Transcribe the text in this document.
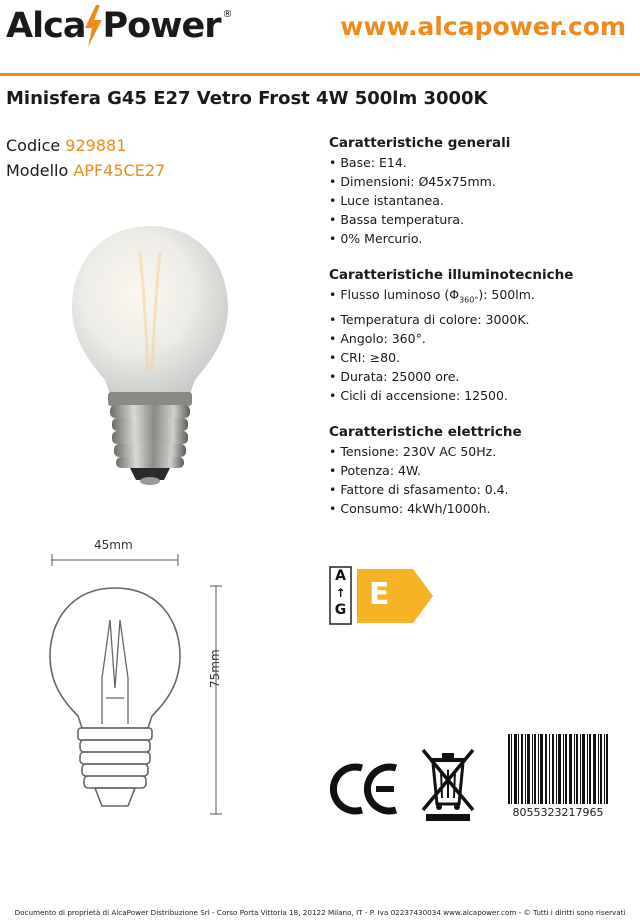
Alca Power ®	www.alcapower.com
Minisfera G45 E27 Vetro Frost 4W 500lm 3000K
Codice 929881
Modello APF45CE27

Caratteristiche generali

• Base: E14.
• Dimensioni: Ø45x75mm.
• Luce istantanea.
• Bassa temperatura.
• 0% Mercurio.

Caratteristiche illuminotecniche

• Flusso luminoso $(\Phi_{360^\circ})$: 500lm.
• Temperatura di colore: 3000K.
• Angolo: 360°.
• CRI: ≥80.
• Durata: 25000 ore.
• Cicli di accensione: 12500.

Caratteristiche elettriche

• Tensione: 230V AC 50Hz.
• Potenza: 4W.
• Fattore di sfasamento: 0.4.
• Consumo: 4kWh/1000h.
45mm
75mm
A
↑
G E
8055323217965
Documento di proprietà di AlcaPower Distribuzione Srl - Corso Porta Vittoria 18, 20122 Milano, IT - P. Iva 02237430034 www.alcapower.com - © Tutti i diritti sono riservati
